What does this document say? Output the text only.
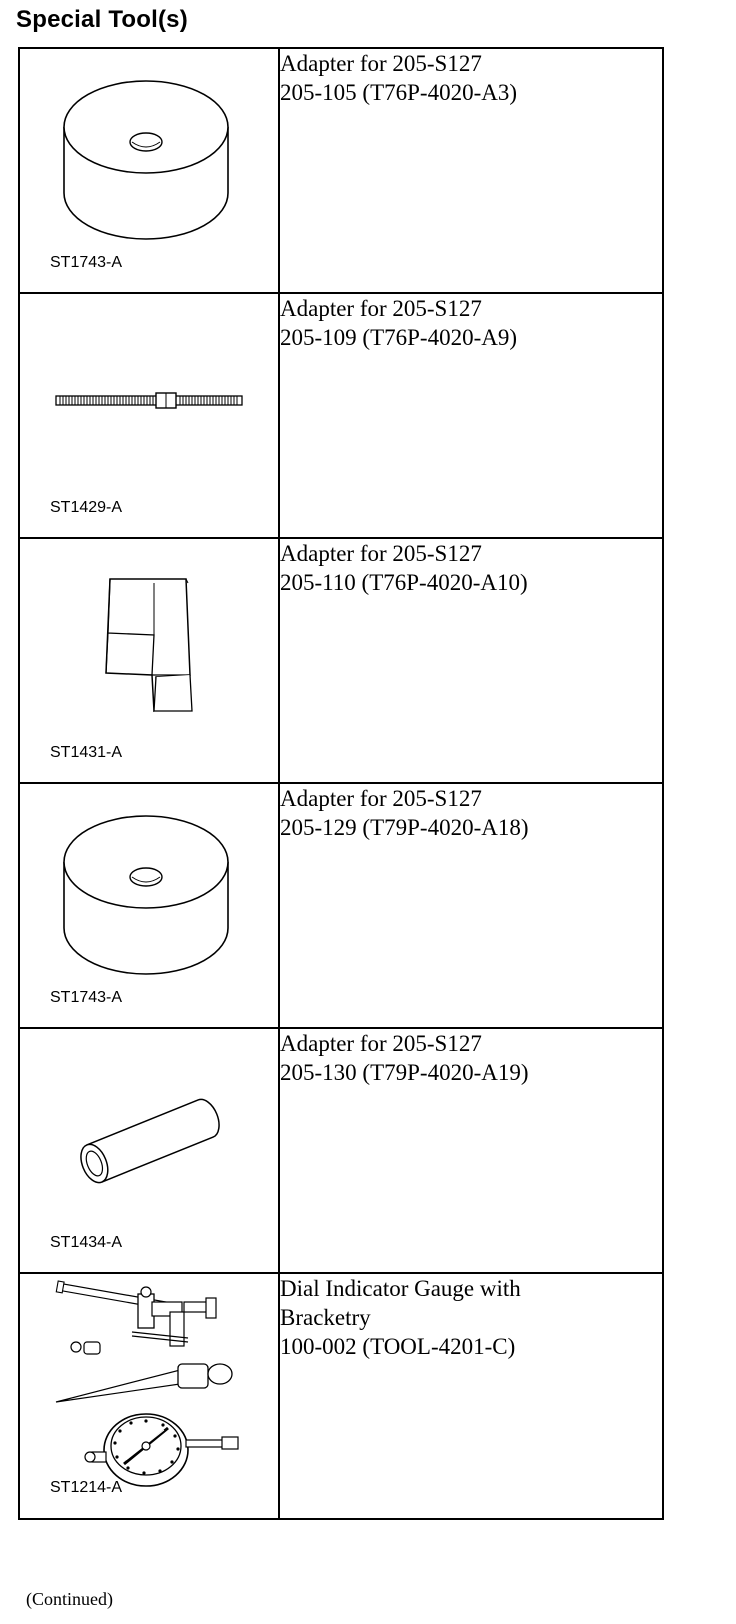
Special Tool(s)
ST1743-A	Adapter for 205-S127
205-105 (T76P-4020-A3)

ST1429-A	Adapter for 205-S127
205-109 (T76P-4020-A9)

ST1431-A	Adapter for 205-S127
205-110 (T76P-4020-A10)

ST1743-A	Adapter for 205-S127
205-129 (T79P-4020-A18)

ST1434-A	Adapter for 205-S127
205-130 (T79P-4020-A19)

ST1214-A	Dial Indicator Gauge with
Bracketry
100-002 (TOOL-4201-C)
(Continued)
